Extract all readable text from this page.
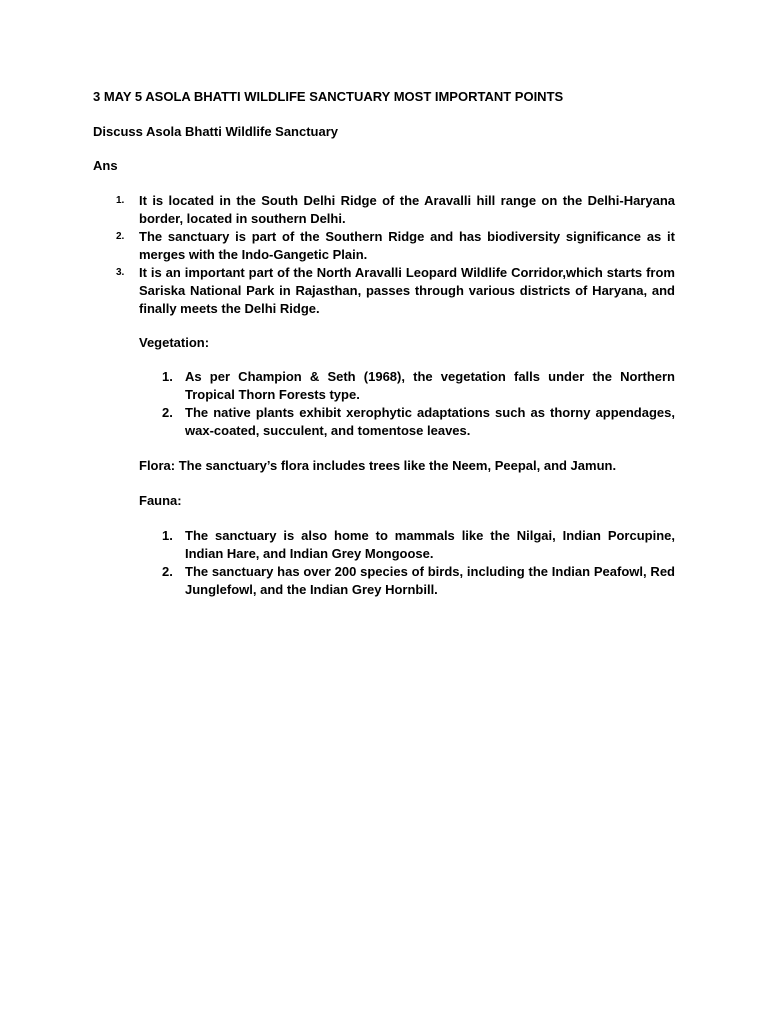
3 MAY 5 ASOLA BHATTI WILDLIFE SANCTUARY MOST IMPORTANT POINTS

Discuss Asola Bhatti Wildlife Sanctuary

Ans

1. It is located in the South Delhi Ridge of the Aravalli hill range on the Delhi-Haryana border, located in southern Delhi.
2. The sanctuary is part of the Southern Ridge and has biodiversity significance as it merges with the Indo-Gangetic Plain.
3. It is an important part of the North Aravalli Leopard Wildlife Corridor,which starts from Sariska National Park in Rajasthan, passes through various districts of Haryana, and finally meets the Delhi Ridge.

Vegetation:

1. As per Champion & Seth (1968), the vegetation falls under the Northern Tropical Thorn Forests type.
2. The native plants exhibit xerophytic adaptations such as thorny appendages, wax-coated, succulent, and tomentose leaves.

Flora: The sanctuary’s flora includes trees like the Neem, Peepal, and Jamun.

Fauna:

1. The sanctuary is also home to mammals like the Nilgai, Indian Porcupine, Indian Hare, and Indian Grey Mongoose.
2. The sanctuary has over 200 species of birds, including the Indian Peafowl, Red Junglefowl, and the Indian Grey Hornbill.
